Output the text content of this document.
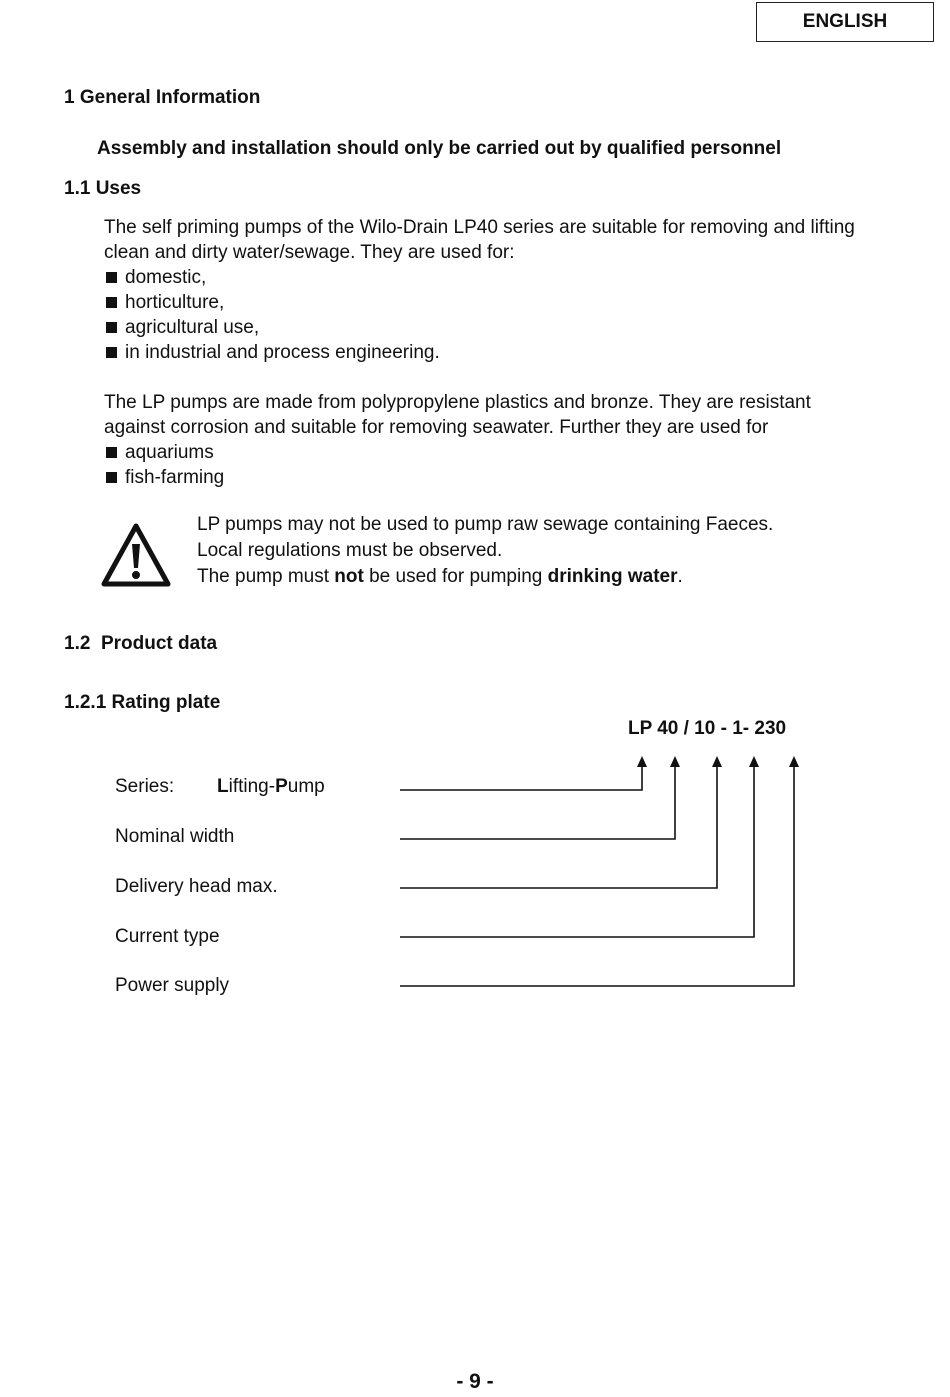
ENGLISH
1 General Information
Assembly and installation should only be carried out by qualified personnel
1.1 Uses
The self priming pumps of the Wilo-Drain LP40 series are suitable for removing and lifting clean and dirty water/sewage. They are used for:
domestic,
horticulture,
agricultural use,
in industrial and process engineering.
The LP pumps are made from polypropylene plastics and bronze. They are resistant against corrosion and suitable for removing seawater. Further they are used for
aquariums
fish-farming
LP pumps may not be used to pump raw sewage containing Faeces.
Local regulations must be observed.
The pump must not be used for pumping drinking water.
1.2  Product data
1.2.1 Rating plate
LP 40 / 10 - 1- 230
Series: Lifting-Pump
Nominal width
Delivery head max.
Current type
Power supply
- 9 -
